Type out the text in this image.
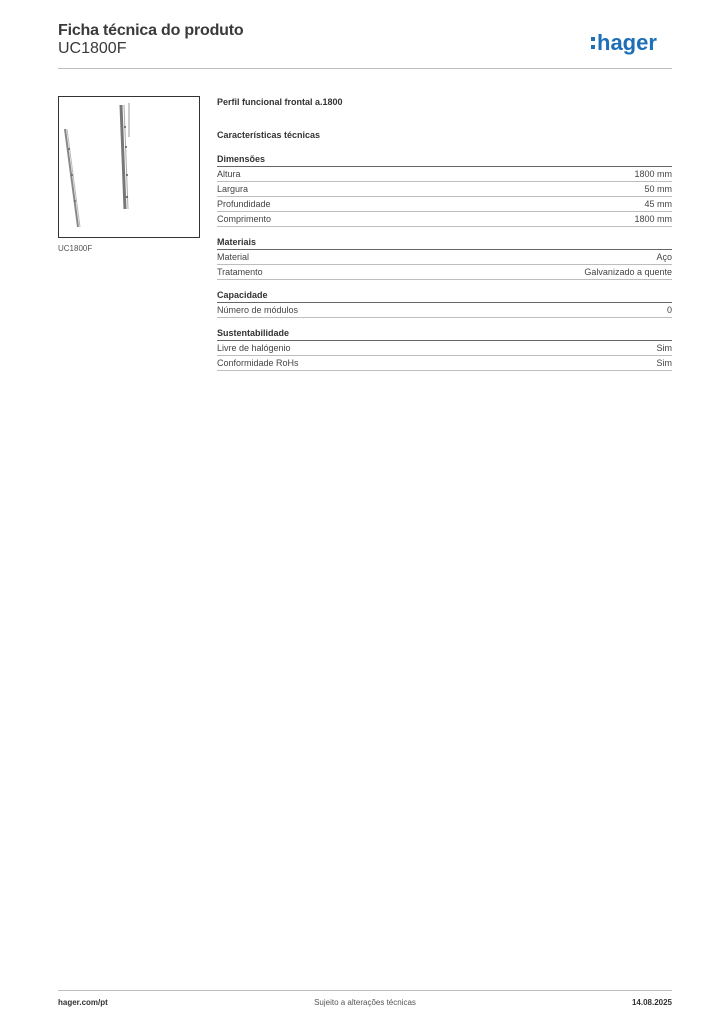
Ficha técnica do produto
UC1800F	hager
UC1800F
Perfil funcional frontal a.1800
Características técnicas
Dimensões
Altura	1800 mm
Largura	50 mm
Profundidade	45 mm
Comprimento	1800 mm
Materiais
Material	Aço
Tratamento	Galvanizado a quente
Capacidade
Número de módulos	0
Sustentabilidade
Livre de halógenio	Sim
Conformidade RoHs	Sim
hager.com/pt	Sujeito a alterações técnicas	14.08.2025
